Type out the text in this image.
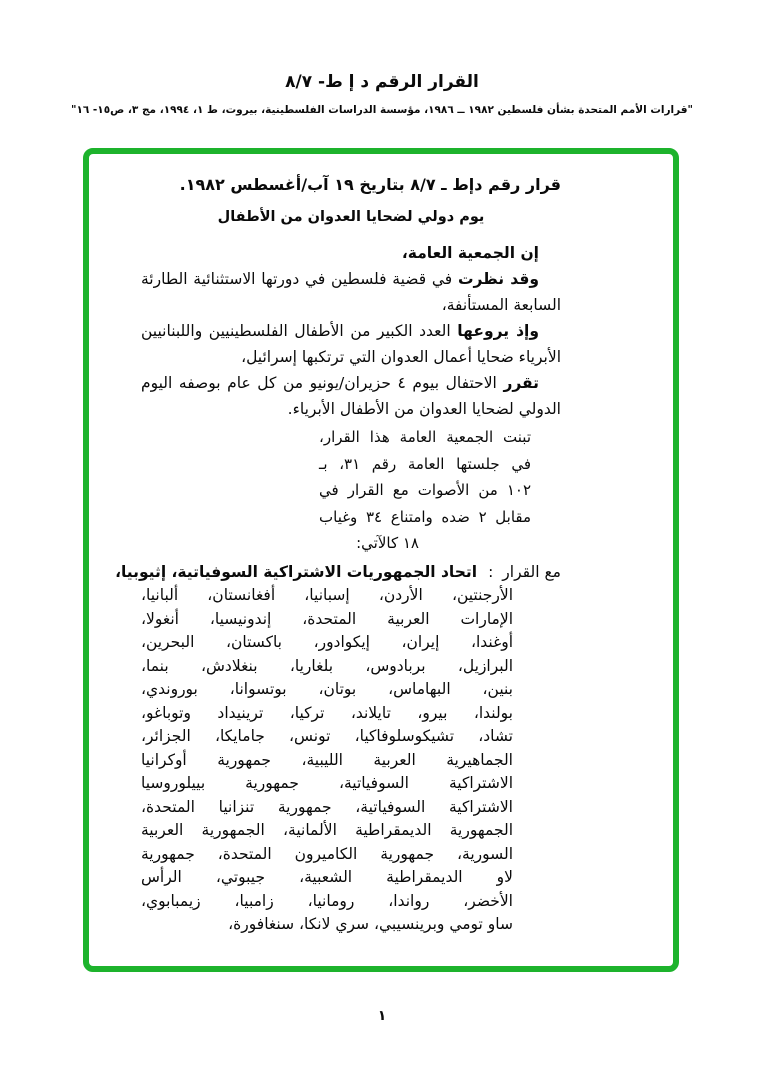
القرار الرقم د إ ط- ٨/٧
"قرارات الأمم المتحدة بشأن فلسطين ١٩٨٢ ــ ١٩٨٦، مؤسسة الدراسات الفلسطينية، بيروت، ط ١، ١٩٩٤، مج ٣، ص١٥- ١٦"
قرار رقم دإط ـ ٨/٧ بتاريخ ١٩ آب/أغسطس ١٩٨٢.
يوم دولي لضحايا العدوان من الأطفال
إن الجمعية العامة،
وقد نظرت في قضية فلسطين في دورتها الاستثنائية الطارئة
السابعة المستأنفة،
وإذ يروعها العدد الكبير من الأطفال الفلسطينيين واللبنانيين
الأبرياء ضحايا أعمال العدوان التي ترتكبها إسرائيل،
تقرر الاحتفال بيوم ٤ حزيران/يونيو من كل عام بوصفه اليوم
الدولي لضحايا العدوان من الأطفال الأبرياء.
تبنت الجمعية العامة هذا القرار،
في جلستها العامة رقم ٣١، بـ
١٠٢ من الأصوات مع القرار في
مقابل ٢ ضده وامتناع ٣٤ وغياب
١٨ كالآتي:
مع القرار
:
اتحاد الجمهوريات الاشتراكية السوفياتية، إثيوبيا،
الأرجنتين، الأردن، إسبانيا، أفغانستان، ألبانيا،
الإمارات العربية المتحدة، إندونيسيا، أنغولا،
أوغندا، إيران، إيكوادور، باكستان، البحرين،
البرازيل، بربادوس، بلغاريا، بنغلادش، بنما،
بنين، البهاماس، بوتان، بوتسوانا، بوروندي،
بولندا، بيرو، تايلاند، تركيا، ترينيداد وتوباغو،
تشاد، تشيكوسلوفاكيا، تونس، جامايكا، الجزائر،
الجماهيرية العربية الليبية، جمهورية أوكرانيا
الاشتراكية السوفياتية، جمهورية بييلوروسيا
الاشتراكية السوفياتية، جمهورية تنزانيا المتحدة،
الجمهورية الديمقراطية الألمانية، الجمهورية العربية
السورية، جمهورية الكاميرون المتحدة، جمهورية
لاو الديمقراطية الشعبية، جيبوتي، الرأس
الأخضر، رواندا، رومانيا، زامبيا، زيمبابوي،
ساو تومي وبرينسيبي، سري لانكا، سنغافورة،
١
